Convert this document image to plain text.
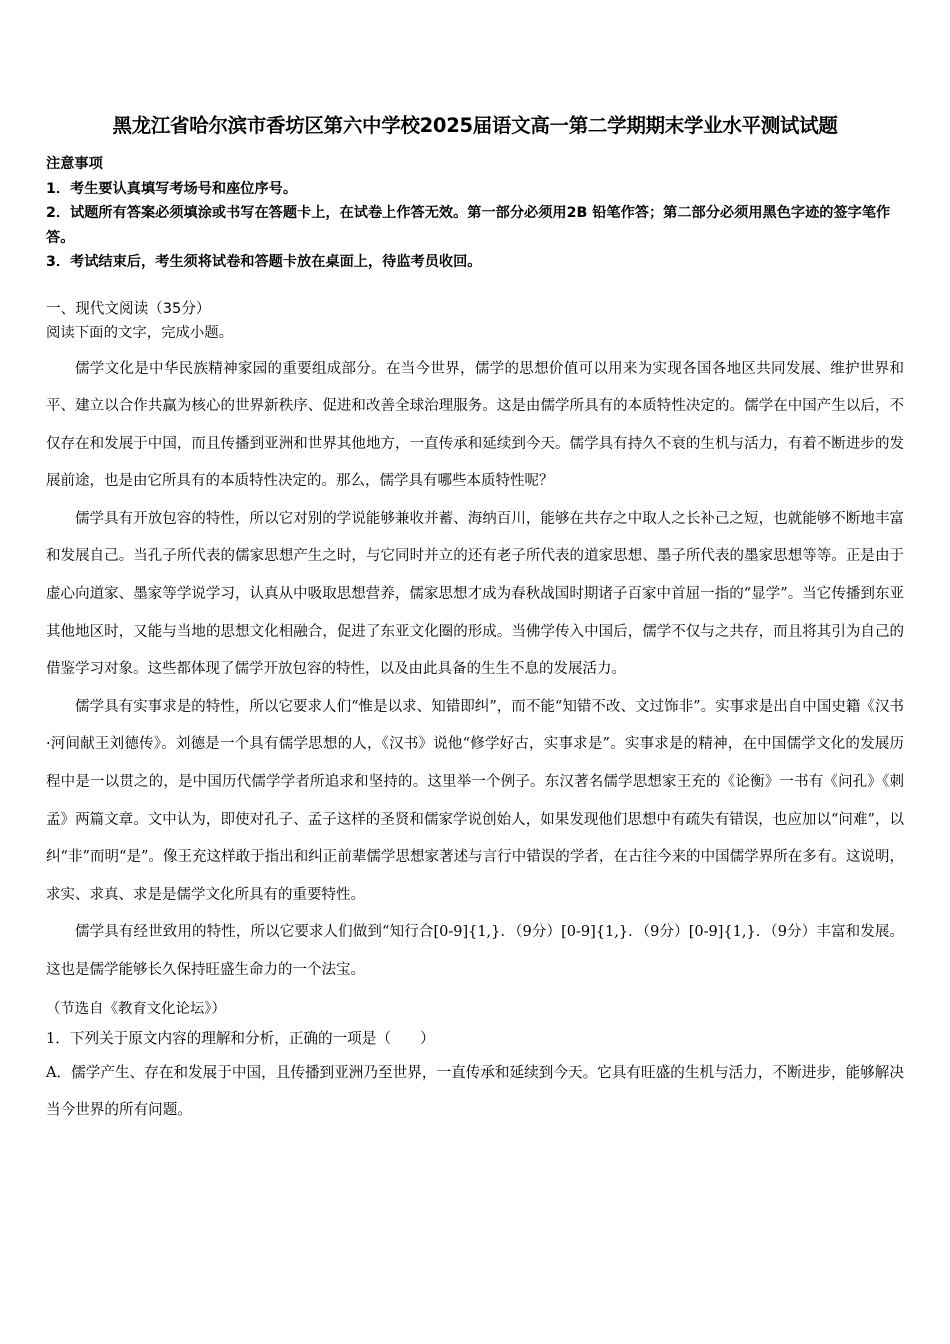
黑龙江省哈尔滨市香坊区第六中学校2025届语文高一第二学期期末学业水平测试试题

注意事项

1．考生要认真填写考场号和座位序号。

2．试题所有答案必须填涂或书写在答题卡上，在试卷上作答无效。第一部分必须用2B 铅笔作答；第二部分必须用黑色字迹的签字笔作答。

3．考试结束后，考生须将试卷和答题卡放在桌面上，待监考员收回。

一、现代文阅读（35分）

阅读下面的文字，完成小题。

儒学文化是中华民族精神家园的重要组成部分。在当今世界，儒学的思想价值可以用来为实现各国各地区共同发展、维护世界和平、建立以合作共赢为核心的世界新秩序、促进和改善全球治理服务。这是由儒学所具有的本质特性决定的。儒学在中国产生以后，不仅存在和发展于中国，而且传播到亚洲和世界其他地方，一直传承和延续到今天。儒学具有持久不衰的生机与活力，有着不断进步的发展前途，也是由它所具有的本质特性决定的。那么，儒学具有哪些本质特性呢？

儒学具有开放包容的特性，所以它对别的学说能够兼收并蓄、海纳百川，能够在共存之中取人之长补己之短，也就能够不断地丰富和发展自己。当孔子所代表的儒家思想产生之时，与它同时并立的还有老子所代表的道家思想、墨子所代表的墨家思想等等。正是由于虚心向道家、墨家等学说学习，认真从中吸取思想营养，儒家思想才成为春秋战国时期诸子百家中首屈一指的“显学”。当它传播到东亚其他地区时，又能与当地的思想文化相融合，促进了东亚文化圈的形成。当佛学传入中国后，儒学不仅与之共存，而且将其引为自己的借鉴学习对象。这些都体现了儒学开放包容的特性，以及由此具备的生生不息的发展活力。

儒学具有实事求是的特性，所以它要求人们“惟是以求、知错即纠”，而不能“知错不改、文过饰非”。实事求是出自中国史籍《汉书·河间献王刘德传》。刘德是一个具有儒学思想的人，《汉书》说他“修学好古，实事求是”。实事求是的精神，在中国儒学文化的发展历程中是一以贯之的，是中国历代儒学学者所追求和坚持的。这里举一个例子。东汉著名儒学思想家王充的《论衡》一书有《问孔》《刺孟》两篇文章。文中认为，即使对孔子、孟子这样的圣贤和儒家学说创始人，如果发现他们思想中有疏失有错误，也应加以“问难”，以纠“非”而明“是”。像王充这样敢于指出和纠正前辈儒学思想家著述与言行中错误的学者，在古往今来的中国儒学界所在多有。这说明，求实、求真、求是是儒学文化所具有的重要特性。

儒学具有经世致用的特性，所以它要求人们做到“知行合[0-9]{1,}．（9分）[0-9]{1,}．（9分）[0-9]{1,}．（9分）丰富和发展。这也是儒学能够长久保持旺盛生命力的一个法宝。

（节选自《教育文化论坛》）

1．下列关于原文内容的理解和分析，正确的一项是（　　）

A．儒学产生、存在和发展于中国，且传播到亚洲乃至世界，一直传承和延续到今天。它具有旺盛的生机与活力，不断进步，能够解决当今世界的所有问题。
